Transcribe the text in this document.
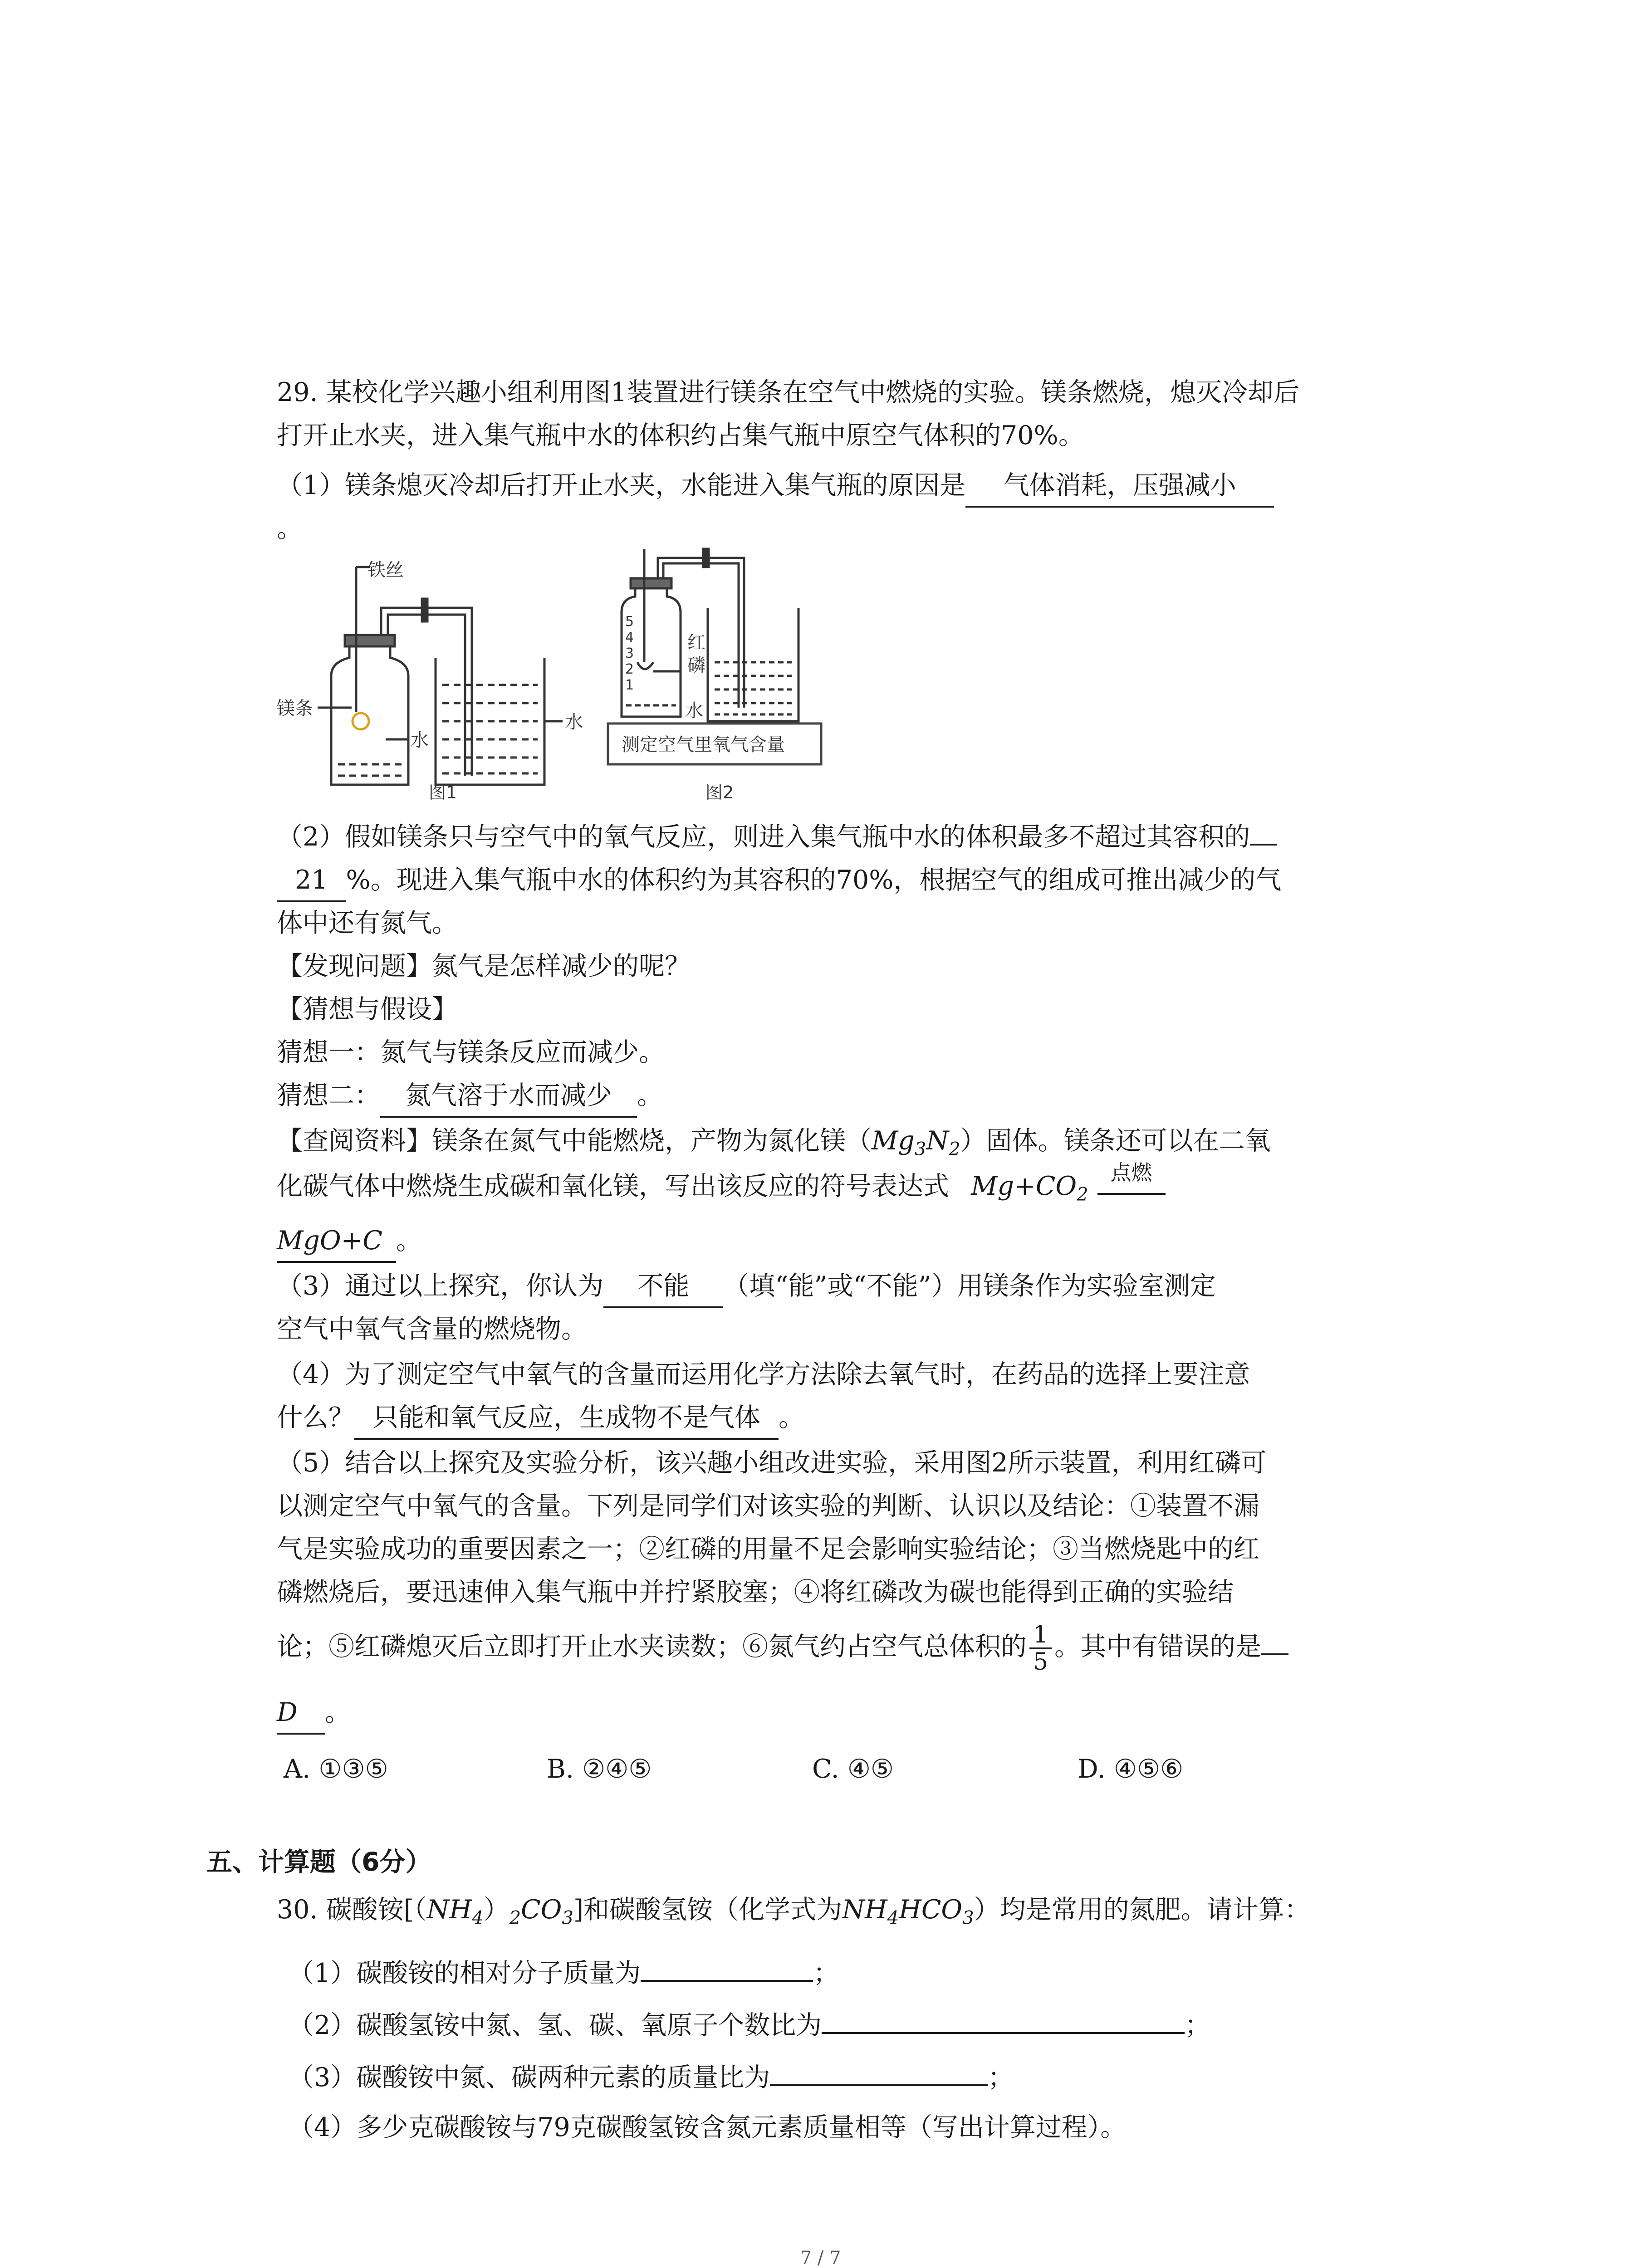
29. 某校化学兴趣小组利用图1装置进行镁条在空气中燃烧的实验。镁条燃烧，熄灭冷却后
打开止水夹，进入集气瓶中水的体积约占集气瓶中原空气体积的70%。
（1）镁条熄灭冷却后打开止水夹，水能进入集气瓶的原因是 气体消耗，压强减小
。
铁丝
镁条
水
水
图1
5
4
3
2
1
红
磷
水
测定空气里氧气含量
图2
（2）假如镁条只与空气中的氧气反应，则进入集气瓶中水的体积最多不超过其容积的
21 %。现进入集气瓶中水的体积约为其容积的70%，根据空气的组成可推出减少的气
体中还有氮气。
【发现问题】氮气是怎样减少的呢？
【猜想与假设】
猜想一：氮气与镁条反应而减少。
猜想二： 氮气溶于水而减少 。
【查阅资料】镁条在氮气中能燃烧，产物为氮化镁$(Mg_3N_2)$固体。镁条还可以在二氧
化碳气体中燃烧生成碳和氧化镁，写出该反应的符号表达式 $Mg+CO_2$
点燃
MgO+C 。
（3）通过以上探究，你认为 不能 （填“能”或“不能”）用镁条作为实验室测定
空气中氧气含量的燃烧物。
（4）为了测定空气中氧气的含量而运用化学方法除去氧气时，在药品的选择上要注意
什么？ 只能和氧气反应，生成物不是气体 。
（5）结合以上探究及实验分析，该兴趣小组改进实验，采用图2所示装置，利用红磷可
以测定空气中氧气的含量。下列是同学们对该实验的判断、认识以及结论：①装置不漏
气是实验成功的重要因素之一；②红磷的用量不足会影响实验结论；③当燃烧匙中的红
磷燃烧后，要迅速伸入集气瓶中并拧紧胶塞；④将红磷改为碳也能得到正确的实验结
论；⑤红磷熄灭后立即打开止水夹读数；⑥氮气约占空气总体积的 $\frac{1}{5}$ 。其中有错误的是
D 。
A. ①③⑤	B. ②④⑤	C. ④⑤	D. ④⑤⑥
五、计算题（6分）
30. 碳酸铵$[(NH_4)_2CO_3]$和碳酸氢铵（化学式为$NH_4HCO_3$）均是常用的氮肥。请计算：
（1）碳酸铵的相对分子质量为	；
（2）碳酸氢铵中氮、氢、碳、氧原子个数比为	；
（3）碳酸铵中氮、碳两种元素的质量比为	；
（4）多少克碳酸铵与79克碳酸氢铵含氮元素质量相等（写出计算过程）。
7 / 7
